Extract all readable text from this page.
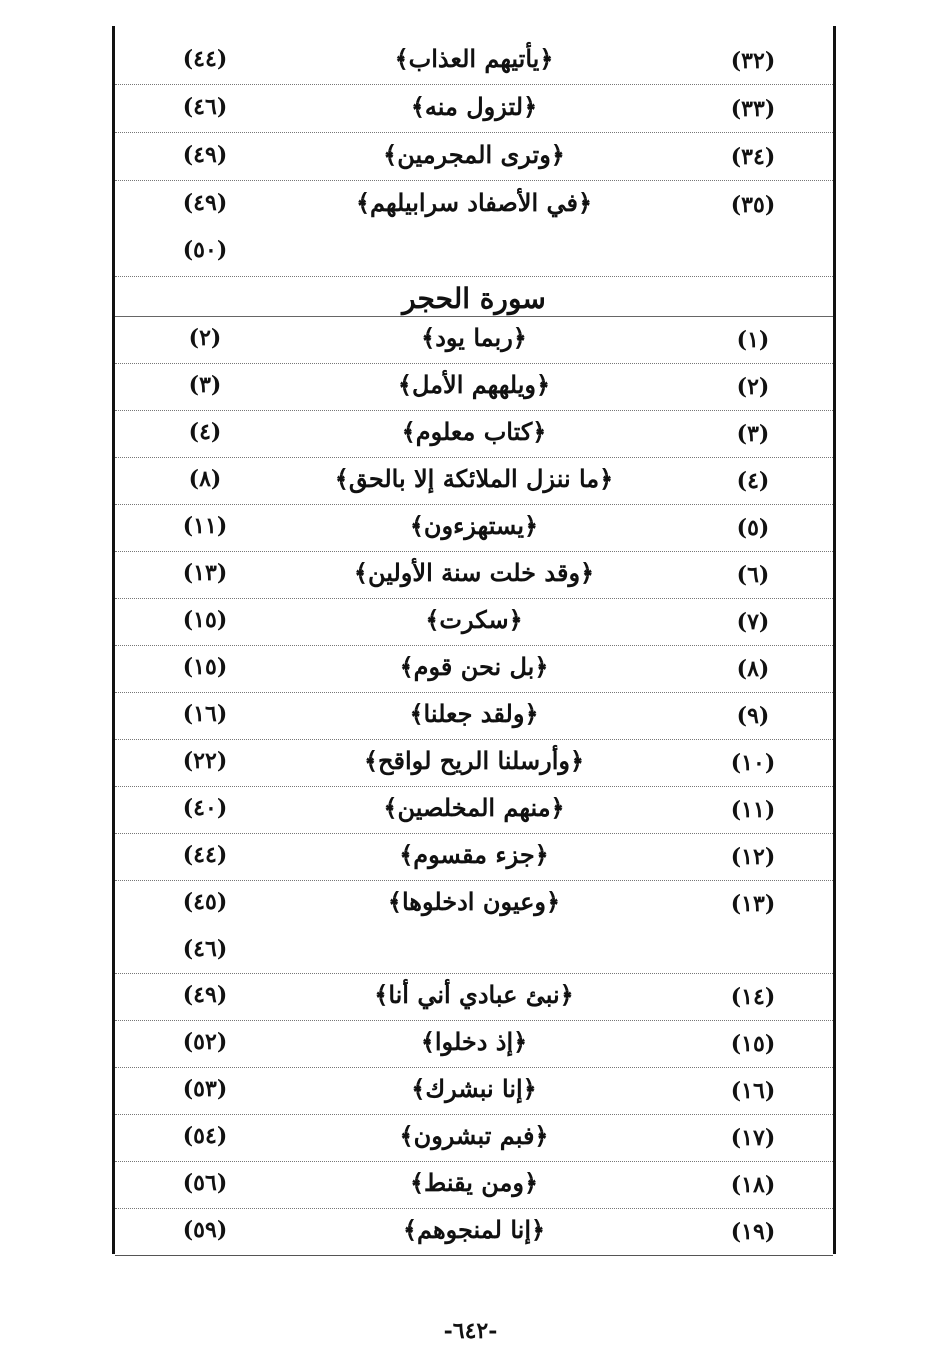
(٣٢)
﴿يأتيهم العذاب﴾
(٤٤)
(٣٣)
﴿لتزول منه﴾
(٤٦)
(٣٤)
﴿وترى المجرمين﴾
(٤٩)
(٣٥)
﴿في الأصفاد سرابيلهم﴾
(٤٩)
(٥٠)
سورة الحجر
(١)
﴿ربما يود﴾
(٢)
(٢)
﴿ويلههم الأمل﴾
(٣)
(٣)
﴿كتاب معلوم﴾
(٤)
(٤)
﴿ما ننزل الملائكة إلا بالحق﴾
(٨)
(٥)
﴿يستهزءون﴾
(١١)
(٦)
﴿وقد خلت سنة الأولين﴾
(١٣)
(٧)
﴿سكرت﴾
(١٥)
(٨)
﴿بل نحن قوم﴾
(١٥)
(٩)
﴿ولقد جعلنا﴾
(١٦)
(١٠)
﴿وأرسلنا الريح لواقح﴾
(٢٢)
(١١)
﴿منهم المخلصين﴾
(٤٠)
(١٢)
﴿جزء مقسوم﴾
(٤٤)
(١٣)
﴿وعيون ادخلوها﴾
(٤٥)
(٤٦)
(١٤)
﴿نبئ عبادي أني أنا﴾
(٤٩)
(١٥)
﴿إذ دخلوا﴾
(٥٢)
(١٦)
﴿إنا نبشرك﴾
(٥٣)
(١٧)
﴿فبم تبشرون﴾
(٥٤)
(١٨)
﴿ومن يقنط﴾
(٥٦)
(١٩)
﴿إنا لمنجوهم﴾
(٥٩)
-٦٤٢-
